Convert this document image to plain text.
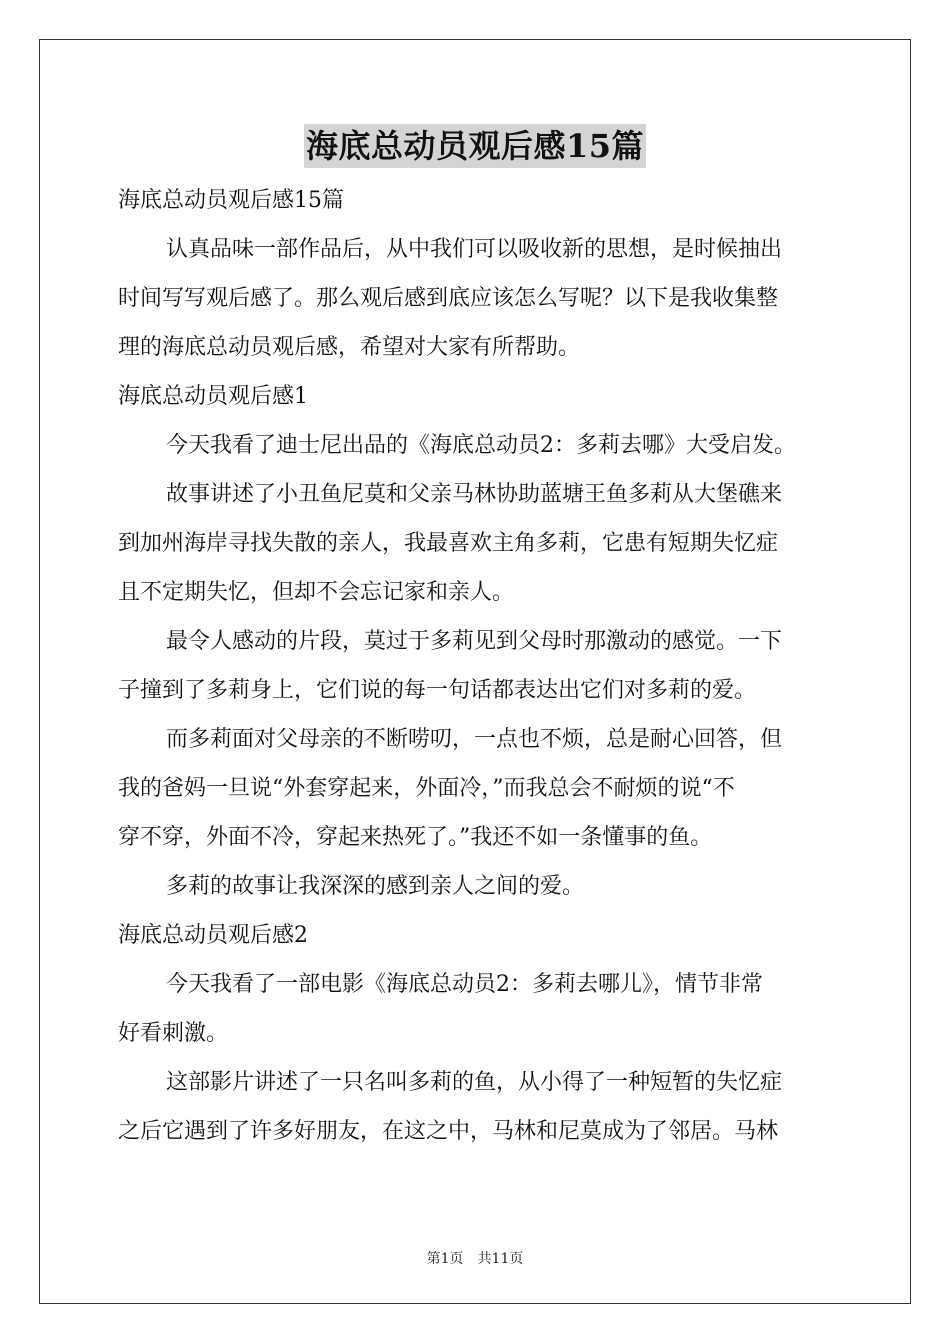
海底总动员观后感15篇
海底总动员观后感15篇
认真品味一部作品后，从中我们可以吸收新的思想，是时候抽出
时间写写观后感了。那么观后感到底应该怎么写呢？以下是我收集整
理的海底总动员观后感，希望对大家有所帮助。
海底总动员观后感1
今天我看了迪士尼出品的《海底总动员2：多莉去哪》大受启发。
故事讲述了小丑鱼尼莫和父亲马林协助蓝塘王鱼多莉从大堡礁来
到加州海岸寻找失散的亲人，我最喜欢主角多莉，它患有短期失忆症
且不定期失忆，但却不会忘记家和亲人。
最令人感动的片段，莫过于多莉见到父母时那激动的感觉。一下
子撞到了多莉身上，它们说的每一句话都表达出它们对多莉的爱。
而多莉面对父母亲的不断唠叨，一点也不烦，总是耐心回答，但
我的爸妈一旦说“外套穿起来，外面冷，”而我总会不耐烦的说“不
穿不穿，外面不冷，穿起来热死了。”我还不如一条懂事的鱼。
多莉的故事让我深深的感到亲人之间的爱。
海底总动员观后感2
今天我看了一部电影《海底总动员2：多莉去哪儿》，情节非常
好看刺激。
这部影片讲述了一只名叫多莉的鱼，从小得了一种短暂的失忆症
之后它遇到了许多好朋友，在这之中，马林和尼莫成为了邻居。马林
第1页　共11页
